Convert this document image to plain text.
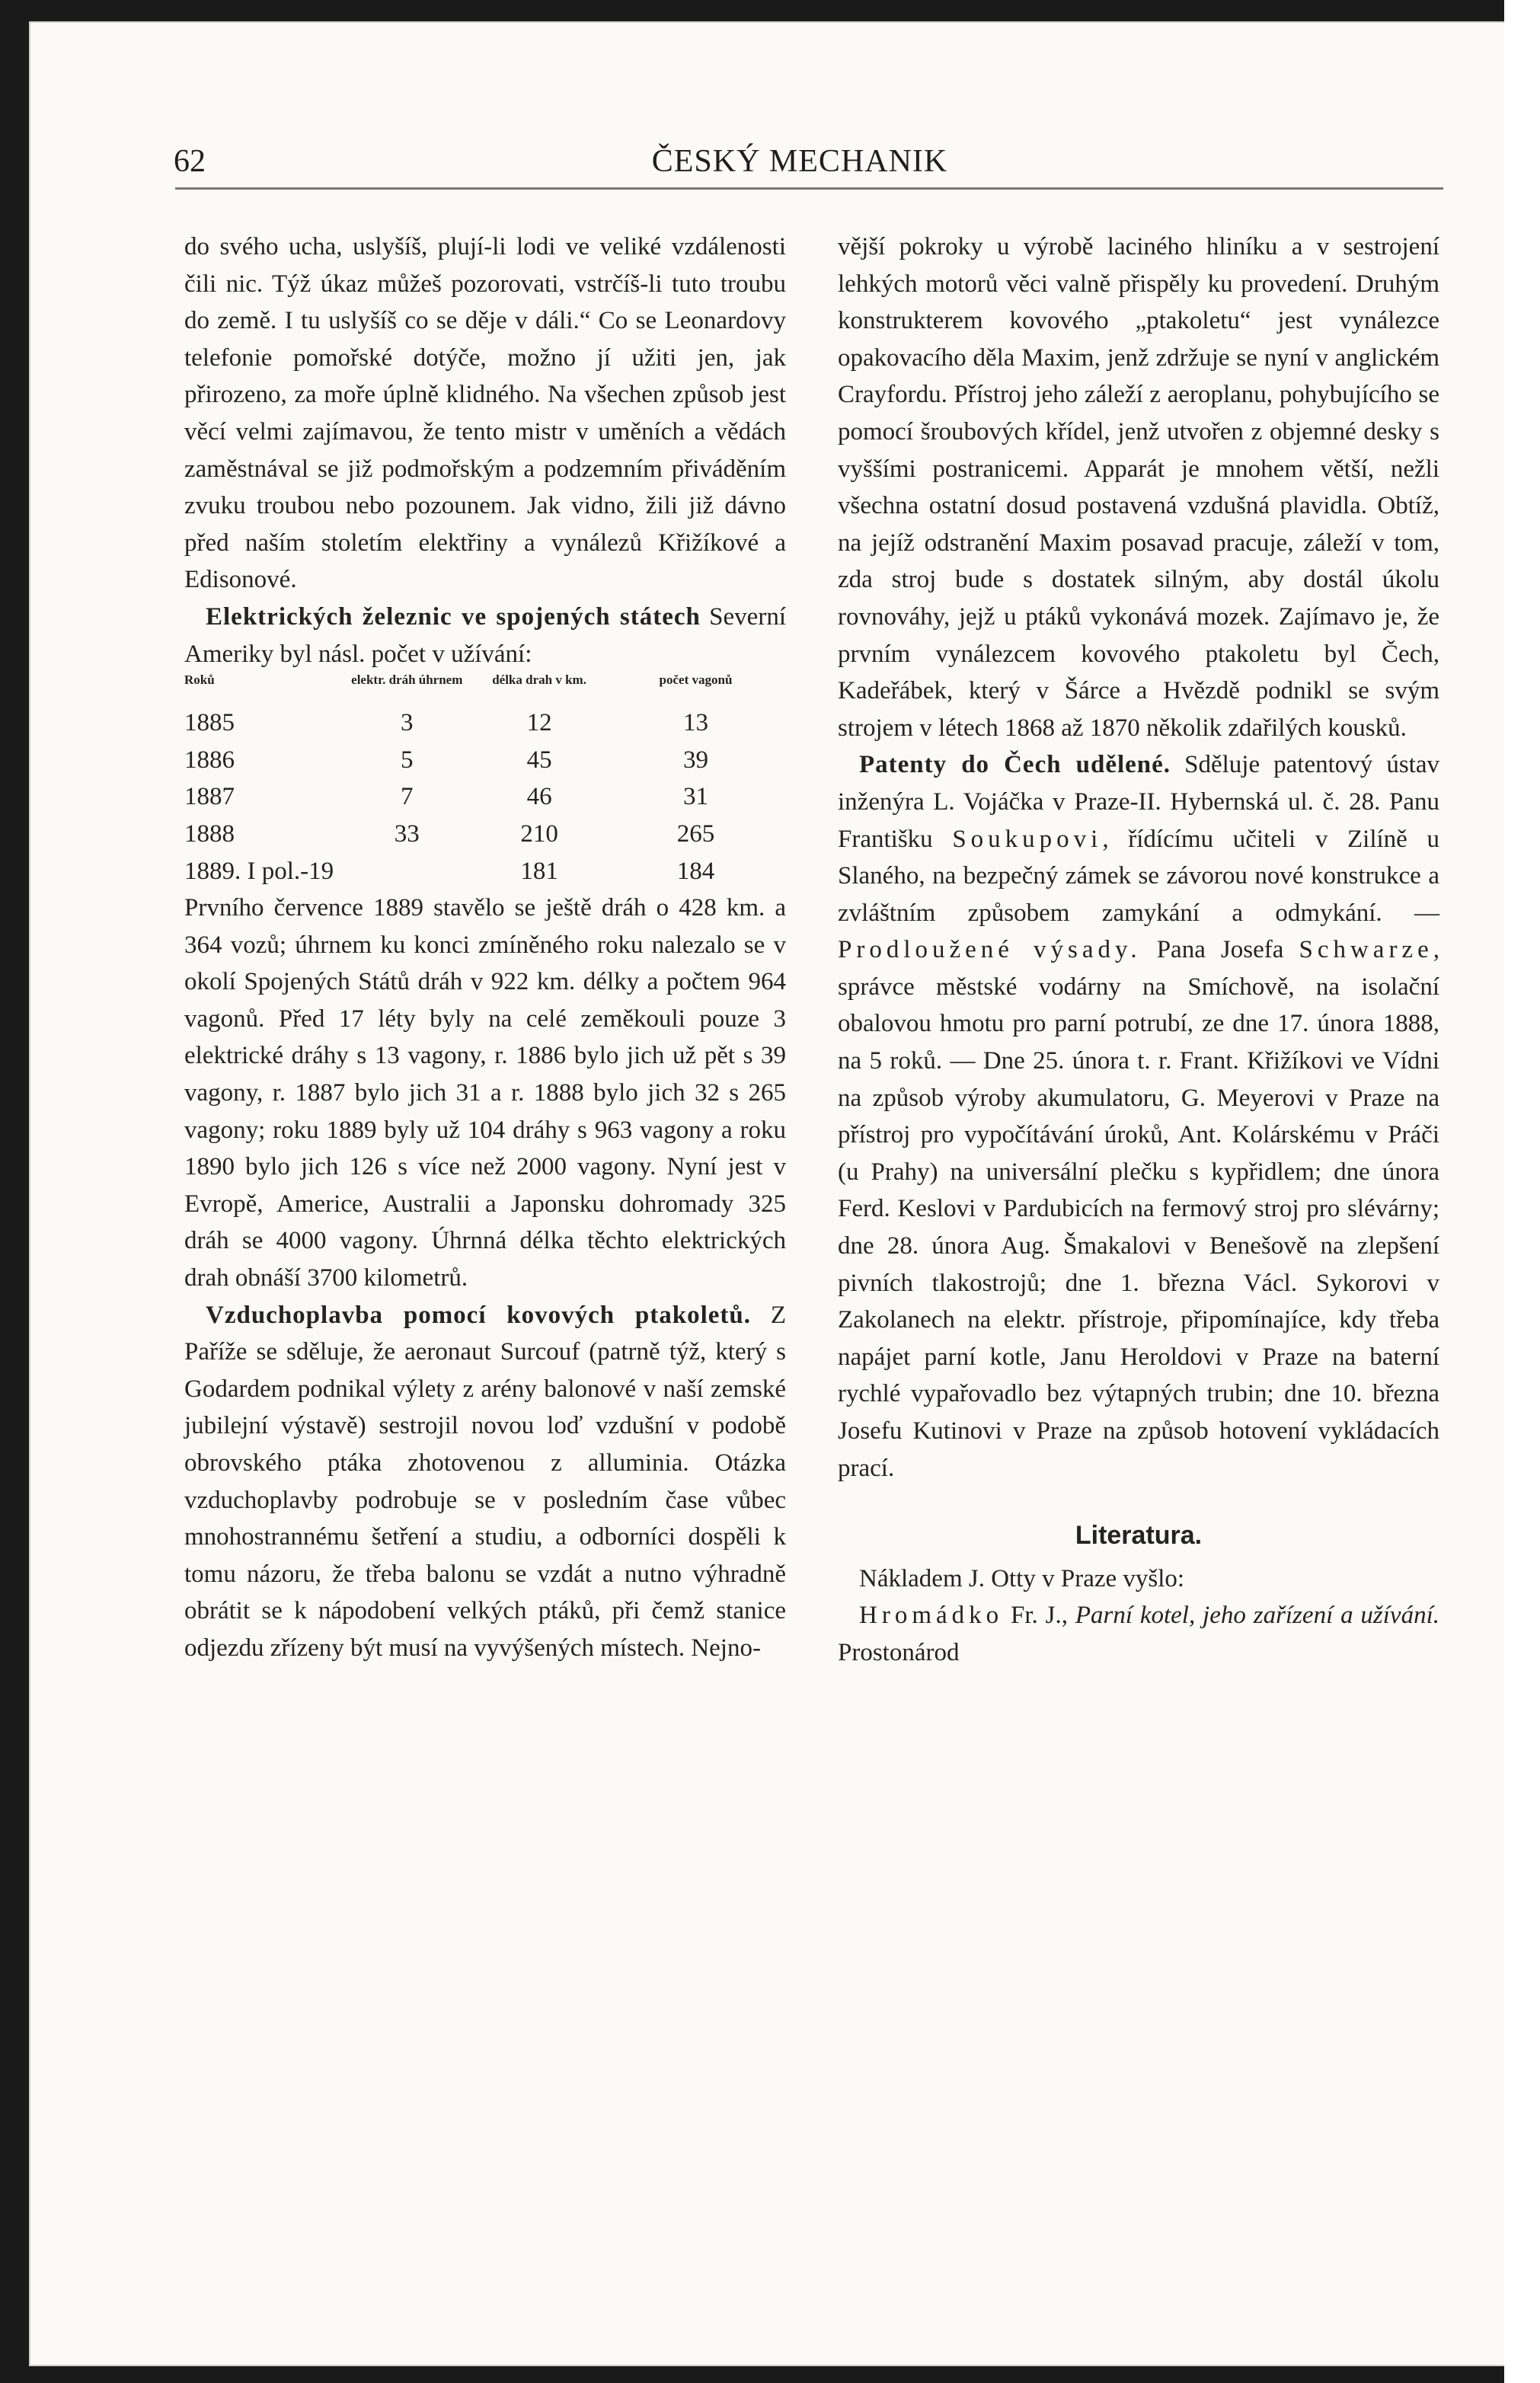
62	ČESKÝ MECHANIK

do svého ucha, uslyšíš, plují-li lodi ve veliké vzdálenosti čili nic. Týž úkaz můžeš pozorovati, vstrčíš-li tuto troubu do země. I tu uslyšíš co se děje v dáli.“ Co se Leonardovy telefonie pomořské dotýče, možno jí užiti jen, jak přirozeno, za moře úplně klidného. Na všechen způsob jest věcí velmi zajímavou, že tento mistr v uměních a vědách zaměstnával se již podmořským a podzemním přiváděním zvuku troubou nebo pozounem. Jak vidno, žili již dávno před naším stoletím elektřiny a vynálezů Křižíkové a Edisonové.

Elektrických železnic ve spojených státech Severní Ameriky byl násl. počet v užívání:

Roků	elektr. dráh úhrnem	délka drah v km.	počet vagonů
1885	3	12	13
1886	5	45	39
1887	7	46	31
1888	33	210	265
1889. I pol.-19		181	184

Prvního července 1889 stavělo se ještě dráh o 428 km. a 364 vozů; úhrnem ku konci zmíněného roku nalezalo se v okolí Spojených Států dráh v 922 km. délky a počtem 964 vagonů. Před 17 léty byly na celé zeměkouli pouze 3 elektrické dráhy s 13 vagony, r. 1886 bylo jich už pět s 39 vagony, r. 1887 bylo jich 31 a r. 1888 bylo jich 32 s 265 vagony; roku 1889 byly už 104 dráhy s 963 vagony a roku 1890 bylo jich 126 s více než 2000 vagony. Nyní jest v Evropě, Americe, Australii a Japonsku dohromady 325 dráh se 4000 vagony. Úhrnná délka těchto elektrických drah obnáší 3700 kilometrů.

Vzduchoplavba pomocí kovových ptakoletů. Z Paříže se sděluje, že aeronaut Surcouf (patrně týž, který s Godardem podnikal výlety z arény balonové v naší zemské jubilejní výstavě) sestrojil novou loď vzdušní v podobě obrovského ptáka zhotovenou z alluminia. Otázka vzduchoplavby podrobuje se v posledním čase vůbec mnohostrannému šetření a studiu, a odborníci dospěli k tomu názoru, že třeba balonu se vzdát a nutno výhradně obrátit se k nápodobení velkých ptáků, při čemž stanice odjezdu zřízeny být musí na vyvýšených místech. Nejno-

vější pokroky u výrobě laciného hliníku a v sestrojení lehkých motorů věci valně přispěly ku provedení. Druhým konstrukterem kovového „ptakoletu“ jest vynálezce opakovacího děla Maxim, jenž zdržuje se nyní v anglickém Crayfordu. Přístroj jeho záleží z aeroplanu, pohybujícího se pomocí šroubových křídel, jenž utvořen z objemné desky s vyššími postranicemi. Apparát je mnohem větší, nežli všechna ostatní dosud postavená vzdušná plavidla. Obtíž, na jejíž odstranění Maxim posavad pracuje, záleží v tom, zda stroj bude s dostatek silným, aby dostál úkolu rovnováhy, jejž u ptáků vykonává mozek. Zajímavo je, že prvním vynálezcem kovového ptakoletu byl Čech, Kadeřábek, který v Šárce a Hvězdě podnikl se svým strojem v létech 1868 až 1870 několik zdařilých kousků.

Patenty do Čech udělené. Sděluje patentový ústav inženýra L. Vojáčka v Praze-II. Hybernská ul. č. 28. Panu Františku Soukupovi, řídícímu učiteli v Zilíně u Slaného, na bezpečný zámek se závorou nové konstrukce a zvláštním způsobem zamykání a odmykání. — Prodloužené výsady. Pana Josefa Schwarze, správce městské vodárny na Smíchově, na isolační obalovou hmotu pro parní potrubí, ze dne 17. února 1888, na 5 roků. — Dne 25. února t. r. Frant. Křižíkovi ve Vídni na způsob výroby akumulatoru, G. Meyerovi v Praze na přístroj pro vypočítávání úroků, Ant. Kolárskému v Práči (u Prahy) na universální plečku s kypřidlem; dne února Ferd. Keslovi v Pardubicích na fermový stroj pro slévárny; dne 28. února Aug. Šmakalovi v Benešově na zlepšení pivních tlakostrojů; dne 1. března Václ. Sykorovi v Zakolanech na elektr. přístroje, připomínajíce, kdy třeba napájet parní kotle, Janu Heroldovi v Praze na baterní rychlé vypařovadlo bez výtapných trubin; dne 10. března Josefu Kutinovi v Praze na způsob hotovení vykládacích prací.

Literatura.

Nákladem J. Otty v Praze vyšlo:

Hromádko Fr. J., Parní kotel, jeho zařízení a užívání. Prostonárod
